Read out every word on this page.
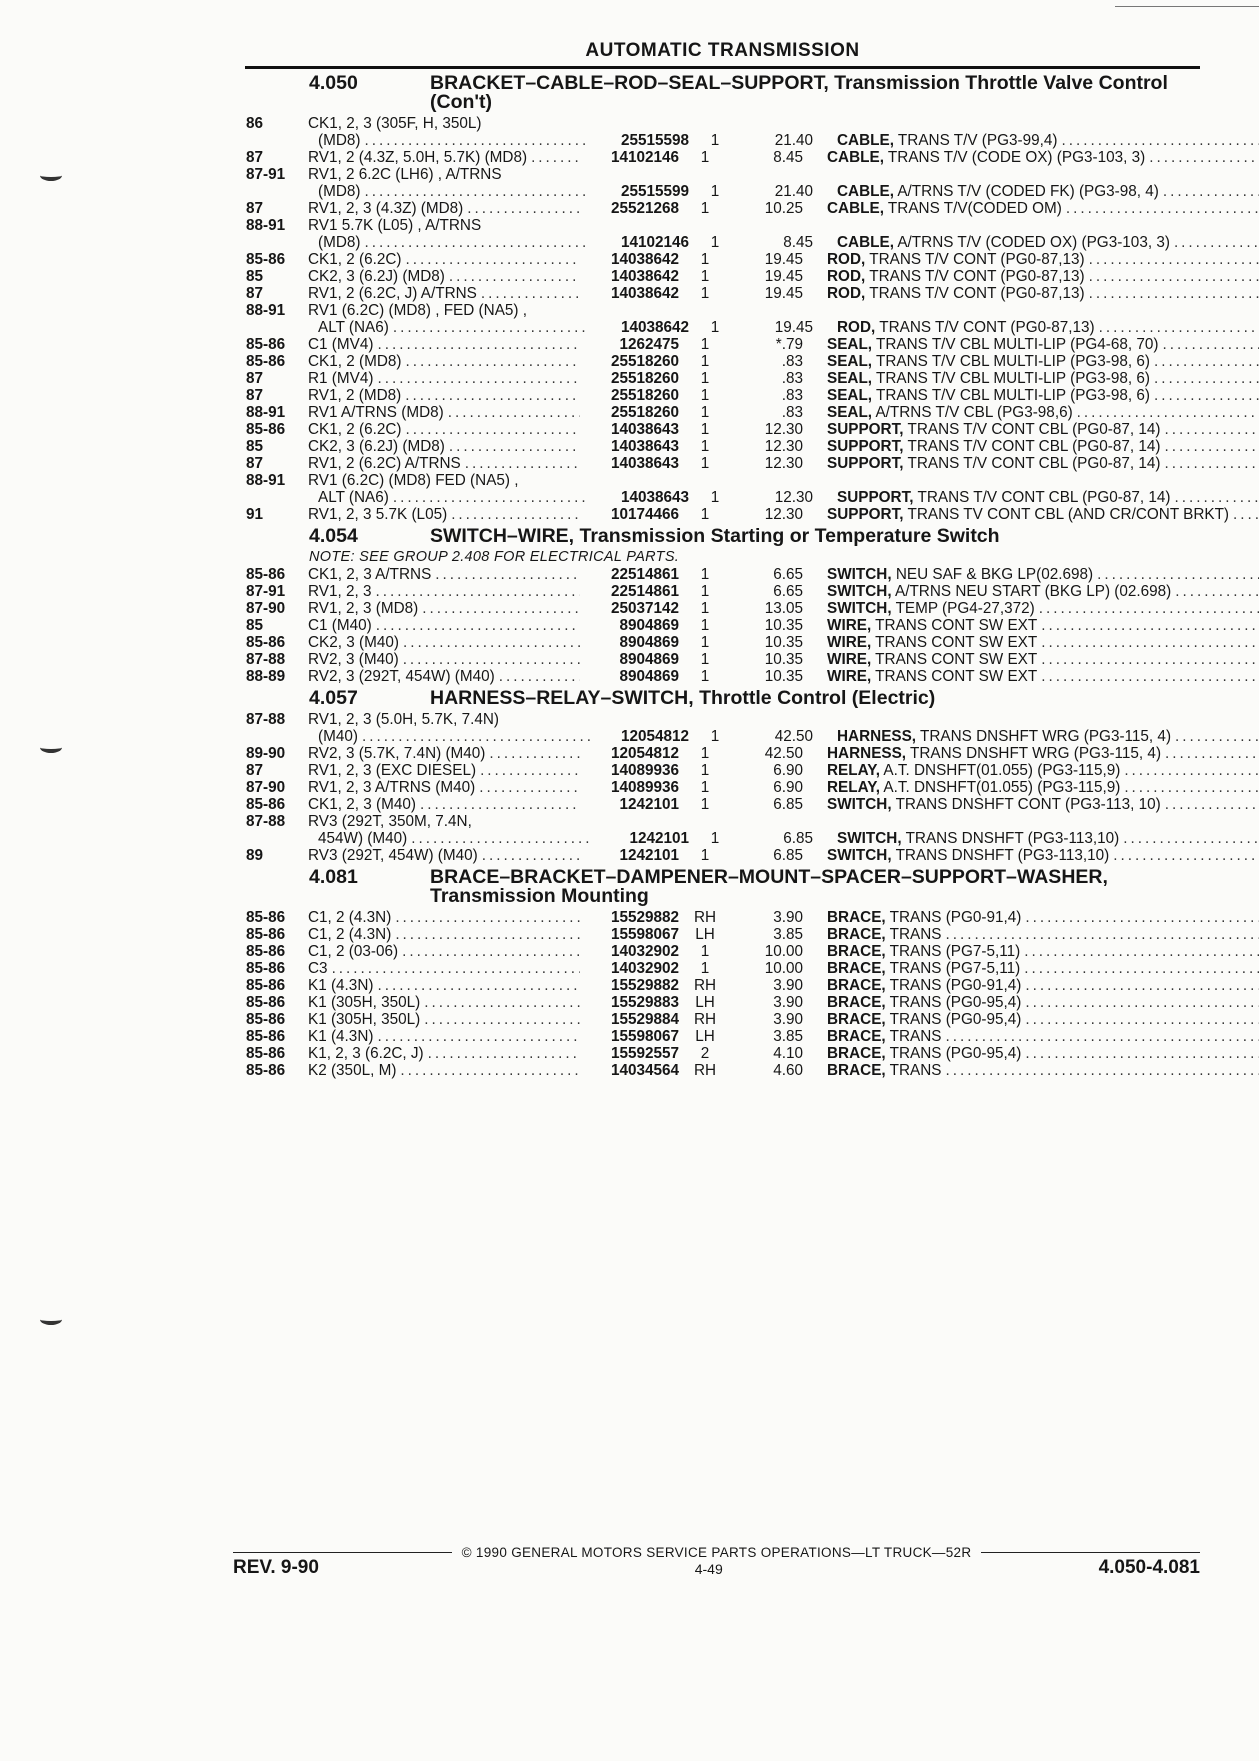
AUTOMATIC TRANSMISSION
4.050	BRACKET–CABLE–ROD–SEAL–SUPPORT, Transmission Throttle Valve Control (Con't)
86	CK1, 2, 3 (305F, H, 350L)
(MD8) .....	25515598	1	21.40 CABLE, TRANS T/V (PG3-99,4)
.....
87	RV1, 2 (4.3Z, 5.0H, 5.7K) (MD8) .....	14102146	1	8.45 CABLE, TRANS T/V (CODE OX) (PG3-103, 3)
.....
87-91	RV1, 2 6.2C (LH6) , A/TRNS
(MD8) .....	25515599	1	21.40 CABLE, A/TRNS T/V (CODED FK) (PG3-98, 4)
.....
87	RV1, 2, 3 (4.3Z) (MD8) .....	25521268	1	10.25 CABLE, TRANS T/V(CODED OM)
.....
88-91	RV1 5.7K (L05) , A/TRNS
(MD8) .....	14102146	1	8.45 CABLE, A/TRNS T/V (CODED OX) (PG3-103, 3)
.....
85-86	CK1, 2 (6.2C) .....	14038642	1	19.45 ROD, TRANS T/V CONT (PG0-87,13)
.....
85	CK2, 3 (6.2J) (MD8) .....	14038642	1	19.45 ROD, TRANS T/V CONT (PG0-87,13)
.....
87	RV1, 2 (6.2C, J) A/TRNS .....	14038642	1	19.45 ROD, TRANS T/V CONT (PG0-87,13)
.....
88-91	RV1 (6.2C) (MD8) , FED (NA5) ,
ALT (NA6) .....	14038642	1	19.45 ROD, TRANS T/V CONT (PG0-87,13)
.....
85-86	C1 (MV4) .....	1262475	1	*.79 SEAL, TRANS T/V CBL MULTI-LIP (PG4-68, 70)
.....
85-86	CK1, 2 (MD8) .....	25518260	1	.83 SEAL, TRANS T/V CBL MULTI-LIP (PG3-98, 6)
.....
87	R1 (MV4) .....	25518260	1	.83 SEAL, TRANS T/V CBL MULTI-LIP (PG3-98, 6)
.....
87	RV1, 2 (MD8) .....	25518260	1	.83 SEAL, TRANS T/V CBL MULTI-LIP (PG3-98, 6)
.....
88-91	RV1 A/TRNS (MD8) .....	25518260	1	.83 SEAL, A/TRNS T/V CBL (PG3-98,6)
.....
85-86	CK1, 2 (6.2C) .....	14038643	1	12.30 SUPPORT, TRANS T/V CONT CBL (PG0-87, 14)
.....
85	CK2, 3 (6.2J) (MD8) .....	14038643	1	12.30 SUPPORT, TRANS T/V CONT CBL (PG0-87, 14)
.....
87	RV1, 2 (6.2C) A/TRNS .....	14038643	1	12.30 SUPPORT, TRANS T/V CONT CBL (PG0-87, 14)
.....
88-91	RV1 (6.2C) (MD8) FED (NA5) ,
ALT (NA6) .....	14038643	1	12.30 SUPPORT, TRANS T/V CONT CBL (PG0-87, 14)
.....
91	RV1, 2, 3 5.7K (L05) .....	10174466	1	12.30 SUPPORT, TRANS TV CONT CBL (AND CR/CONT BRKT)
.....
4.054	SWITCH–WIRE, Transmission Starting or Temperature Switch
NOTE: SEE GROUP 2.408 FOR ELECTRICAL PARTS.
85-86	CK1, 2, 3 A/TRNS .....	22514861	1	6.65 SWITCH, NEU SAF & BKG LP(02.698)
.....
87-91	RV1, 2, 3 .....	22514861	1	6.65 SWITCH, A/TRNS NEU START (BKG LP) (02.698)
.....
87-90	RV1, 2, 3 (MD8) .....	25037142	1	13.05 SWITCH, TEMP (PG4-27,372)
.....
85	C1 (M40) .....	8904869	1	10.35 WIRE, TRANS CONT SW EXT
.....
85-86	CK2, 3 (M40) .....	8904869	1	10.35 WIRE, TRANS CONT SW EXT
.....
87-88	RV2, 3 (M40) .....	8904869	1	10.35 WIRE, TRANS CONT SW EXT
.....
88-89	RV2, 3 (292T, 454W) (M40) .....	8904869	1	10.35 WIRE, TRANS CONT SW EXT
.....
4.057	HARNESS–RELAY–SWITCH, Throttle Control (Electric)
87-88	RV1, 2, 3 (5.0H, 5.7K, 7.4N)
(M40) .....	12054812	1	42.50 HARNESS, TRANS DNSHFT WRG (PG3-115, 4)
.....
89-90	RV2, 3 (5.7K, 7.4N) (M40) .....	12054812	1	42.50 HARNESS, TRANS DNSHFT WRG (PG3-115, 4)
.....
87	RV1, 2, 3 (EXC DIESEL) .....	14089936	1	6.90 RELAY, A.T. DNSHFT(01.055) (PG3-115,9)
.....
87-90	RV1, 2, 3 A/TRNS (M40) .....	14089936	1	6.90 RELAY, A.T. DNSHFT(01.055) (PG3-115,9)
.....
85-86	CK1, 2, 3 (M40) .....	1242101	1	6.85 SWITCH, TRANS DNSHFT CONT (PG3-113, 10)
.....
87-88	RV3 (292T, 350M, 7.4N,
454W) (M40) .....	1242101	1	6.85 SWITCH, TRANS DNSHFT (PG3-113,10)
.....
89	RV3 (292T, 454W) (M40) .....	1242101	1	6.85 SWITCH, TRANS DNSHFT (PG3-113,10)
.....
4.081	BRACE–BRACKET–DAMPENER–MOUNT–SPACER–SUPPORT–WASHER, Transmission Mounting
85-86	C1, 2 (4.3N) .....	15529882 RH	3.90 BRACE, TRANS (PG0-91,4)
.....
85-86	C1, 2 (4.3N) .....	15598067	LH	3.85 BRACE, TRANS
.....
85-86	C1, 2 (03-06) .....	14032902	1	10.00 BRACE, TRANS (PG7-5,11)
.....
85-86	C3 .....	14032902	1	10.00 BRACE, TRANS (PG7-5,11)
.....
85-86	K1 (4.3N) .....	15529882 RH	3.90 BRACE, TRANS (PG0-91,4)
.....
85-86	K1 (305H, 350L) .....	15529883	LH	3.90 BRACE, TRANS (PG0-95,4)
.....
85-86	K1 (305H, 350L) .....	15529884 RH	3.90 BRACE, TRANS (PG0-95,4)
.....
85-86	K1 (4.3N) .....	15598067	LH	3.85 BRACE, TRANS
.....
85-86	K1, 2, 3 (6.2C, J) .....	15592557	2	4.10 BRACE, TRANS (PG0-95,4)
.....
85-86	K2 (350L, M) .....	14034564 RH	4.60 BRACE, TRANS
.....
© 1990 GENERAL MOTORS SERVICE PARTS OPERATIONS—LT TRUCK—52R
REV. 9-90	4-49	4.050-4.081
